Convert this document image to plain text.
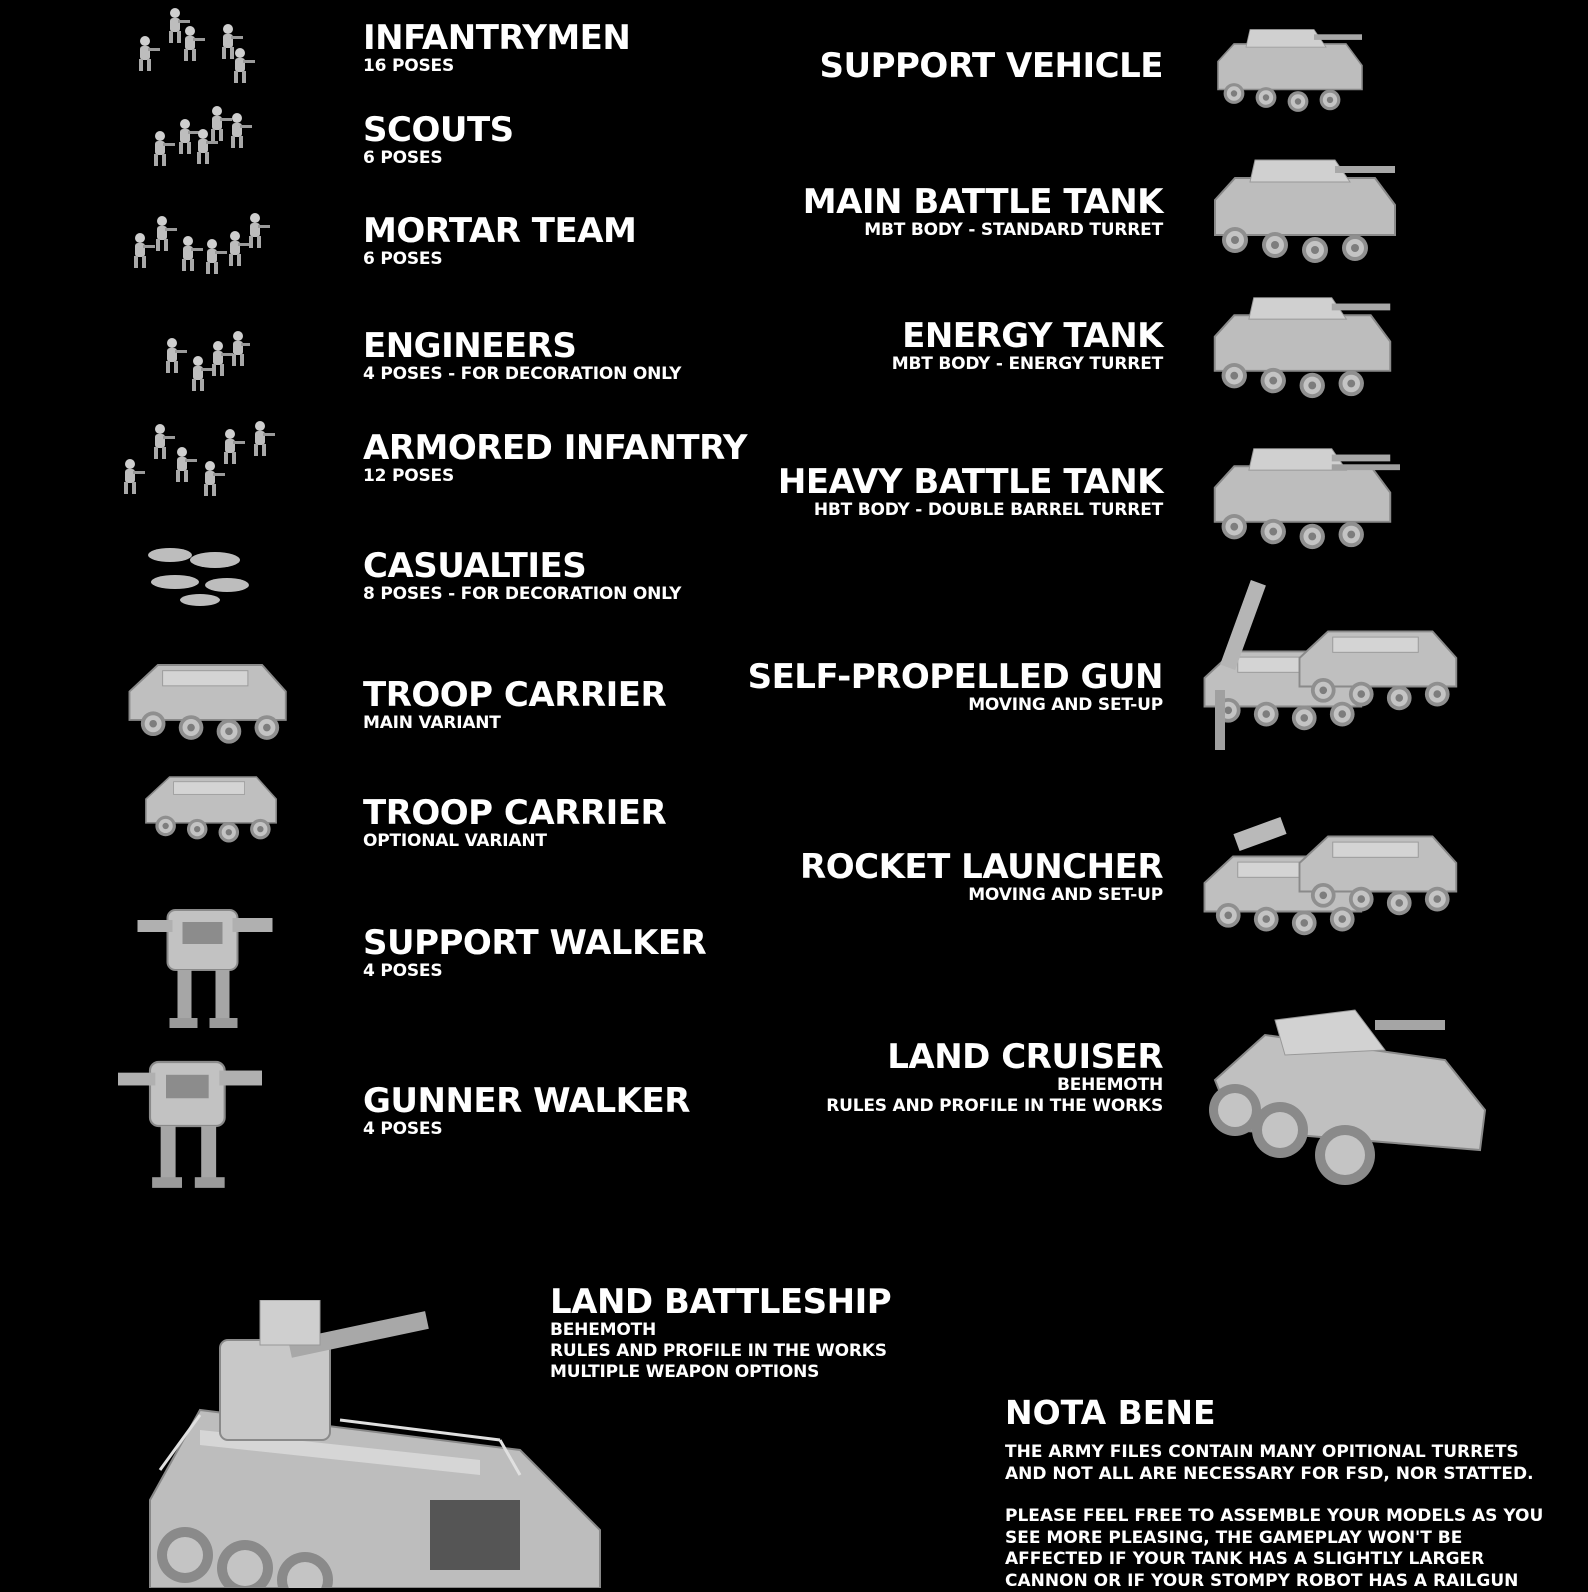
INFANTRYMEN
16 POSES
SCOUTS
6 POSES
MORTAR TEAM
6 POSES
ENGINEERS
4 POSES - FOR DECORATION ONLY
ARMORED INFANTRY
12 POSES
CASUALTIES
8 POSES - FOR DECORATION ONLY
TROOP CARRIER
MAIN VARIANT
TROOP CARRIER
OPTIONAL VARIANT
SUPPORT WALKER
4 POSES
GUNNER WALKER
4 POSES
SUPPORT VEHICLE
MAIN BATTLE TANK
MBT BODY - STANDARD TURRET
ENERGY TANK
MBT BODY - ENERGY TURRET
HEAVY BATTLE TANK
HBT BODY - DOUBLE BARREL TURRET
SELF-PROPELLED GUN
MOVING AND SET-UP
ROCKET LAUNCHER
MOVING AND SET-UP
LAND CRUISER
BEHEMOTH
RULES AND PROFILE IN THE WORKS
LAND BATTLESHIP
BEHEMOTH
RULES AND PROFILE IN THE WORKS
MULTIPLE WEAPON OPTIONS
NOTA BENE
THE ARMY FILES CONTAIN MANY OPITIONAL TURRETS
AND NOT ALL ARE NECESSARY FOR FSD, NOR STATTED.
PLEASE FEEL FREE TO ASSEMBLE YOUR MODELS AS YOU
SEE MORE PLEASING, THE GAMEPLAY WON'T BE
AFFECTED IF YOUR TANK HAS A SLIGHTLY LARGER
CANNON OR IF YOUR STOMPY ROBOT HAS A RAILGUN
